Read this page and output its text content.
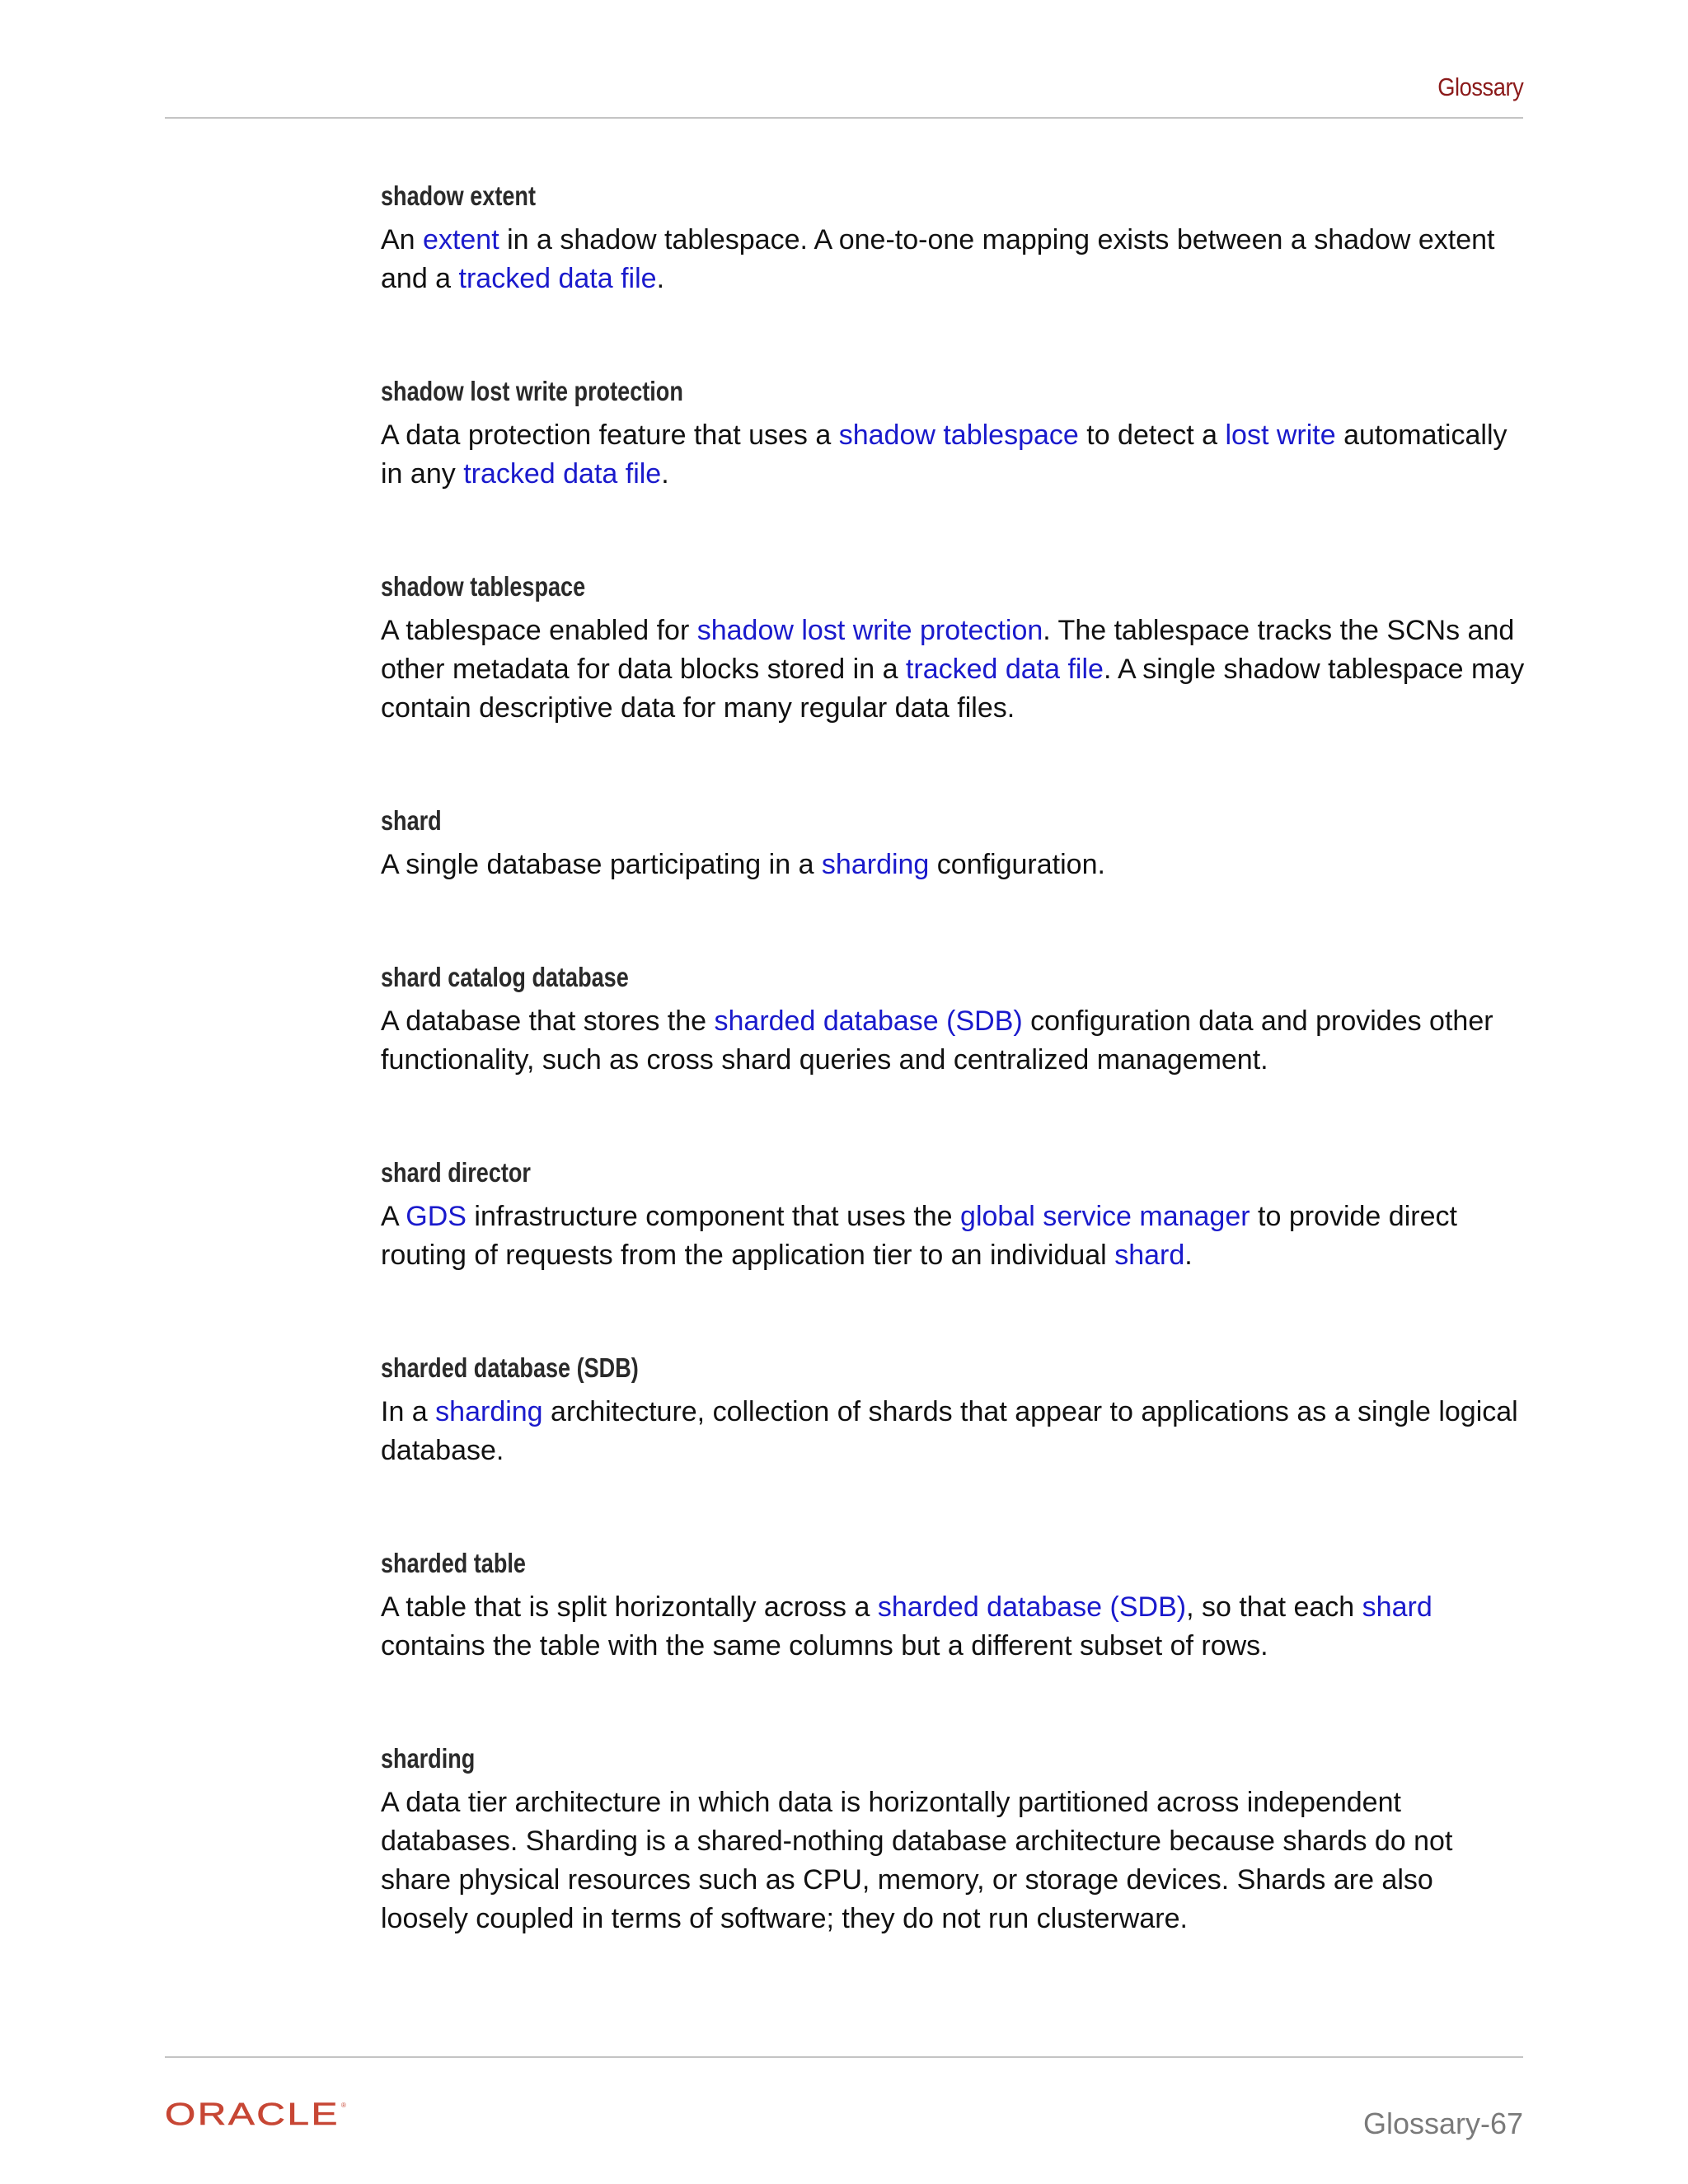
Glossary

shadow extent

An extent in a shadow tablespace. A one-to-one mapping exists between a shadow extent and a tracked data file.

shadow lost write protection

A data protection feature that uses a shadow tablespace to detect a lost write automatically in any tracked data file.

shadow tablespace

A tablespace enabled for shadow lost write protection. The tablespace tracks the SCNs and other metadata for data blocks stored in a tracked data file. A single shadow tablespace may contain descriptive data for many regular data files.

shard

A single database participating in a sharding configuration.

shard catalog database

A database that stores the sharded database (SDB) configuration data and provides other functionality, such as cross shard queries and centralized management.

shard director

A GDS infrastructure component that uses the global service manager to provide direct routing of requests from the application tier to an individual shard.

sharded database (SDB)

In a sharding architecture, collection of shards that appear to applications as a single logical database.

sharded table

A table that is split horizontally across a sharded database (SDB), so that each shard contains the table with the same columns but a different subset of rows.

sharding

A data tier architecture in which data is horizontally partitioned across independent databases. Sharding is a shared-nothing database architecture because shards do not share physical resources such as CPU, memory, or storage devices. Shards are also loosely coupled in terms of software; they do not run clusterware.

ORACLE ®
Glossary-67
